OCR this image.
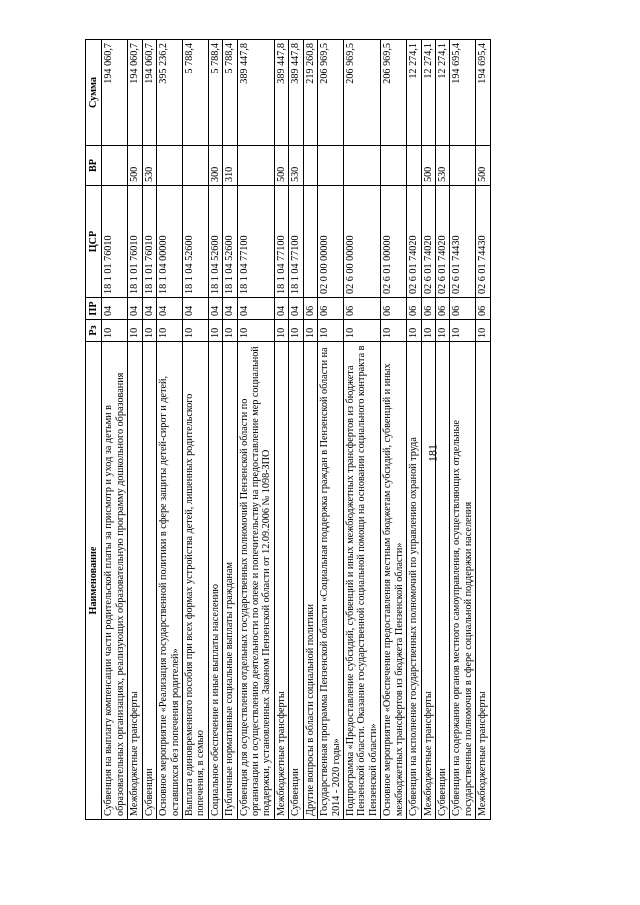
181
Наименование	Рз	ПР	ЦСР	ВР	Сумма
Субвенция на выплату компенсации части родительской платы за присмотр и уход за детьми в образовательных организациях, реализующих образовательную программу дошкольного образования	10	04	18 1 01 76010		194 060,7
Межбюджетные трансферты	10	04	18 1 01 76010	500	194 060,7
Субвенции	10	04	18 1 01 76010	530	194 060,7
Основное мероприятие «Реализация государственной политики в сфере защиты детей-сирот и детей, оставшихся без попечения родителей»	10	04	18 1 04 00000		395 236,2
Выплата единовременного пособия при всех формах устройства детей, лишенных родительского попечения, в семью	10	04	18 1 04 52600		5 788,4
Социальное обеспечение и иные выплаты населению	10	04	18 1 04 52600	300	5 788,4
Публичные нормативные социальные выплаты гражданам	10	04	18 1 04 52600	310	5 788,4
Субвенция для осуществления отдельных государственных полномочий Пензенской области по организации и осуществлению деятельности по опеке и попечительству на предоставление мер социальной поддержки, установленных Законом Пензенской области от 12.09.2006 № 1098-ЗПО	10	04	18 1 04 77100		389 447,8
Межбюджетные трансферты	10	04	18 1 04 77100	500	389 447,8
Субвенции	10	04	18 1 04 77100	530	389 447,8
Другие вопросы в области социальной политики	10	06			219 260,8
Государственная программа Пензенской области «Социальная поддержка граждан в Пензенской области на 2014 - 2020 годы»	10	06	02 0 00 00000		206 969,5
Подпрограмма «Предоставление субсидий, субвенций и иных межбюджетных трансфертов из бюджета Пензенской области. Оказание государственной социальной помощи на основании социального контракта в Пензенской области»	10	06	02 6 00 00000		206 969,5
Основное мероприятие «Обеспечение предоставления местным бюджетам субсидий, субвенций и иных межбюджетных трансфертов из бюджета Пензенской области»	10	06	02 6 01 00000		206 969,5
Субвенции на исполнение государственных полномочий по управлению охраной труда	10	06	02 6 01 74020		12 274,1
Межбюджетные трансферты	10	06	02 6 01 74020	500	12 274,1
Субвенции	10	06	02 6 01 74020	530	12 274,1
Субвенции на содержание органов местного самоуправления, осуществляющих отдельные государственные полномочия в сфере социальной поддержки населения	10	06	02 6 01 74430		194 695,4
Межбюджетные трансферты	10	06	02 6 01 74430	500	194 695,4
